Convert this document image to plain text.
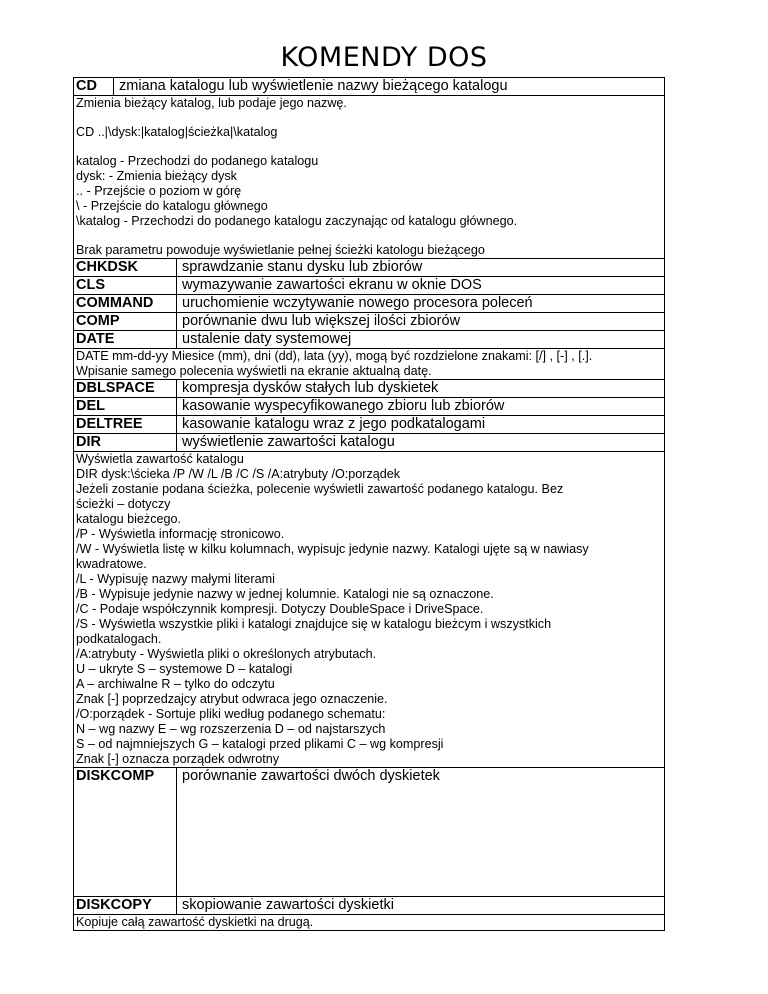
KOMENDY DOS
CD	zmiana katalogu lub wyświetlenie nazwy bieżącego katalogu
Zmienia bieżący katalog, lub podaje jego nazwę.
CD ..|\dysk:|katalog|ścieżka|\katalog
katalog - Przechodzi do podanego katalogu
dysk: - Zmienia bieżący dysk
.. - Przejście o poziom w górę
\ - Przejście do katalogu głównego
\katalog - Przechodzi do podanego katalogu zaczynając od katalogu głównego.
Brak parametru powoduje wyświetlanie pełnej ścieżki katologu bieżącego
CHKDSK	sprawdzanie stanu dysku lub zbiorów
CLS	wymazywanie zawartości ekranu w oknie DOS
COMMAND	uruchomienie wczytywanie nowego procesora poleceń
COMP	porównanie dwu lub większej ilości zbiorów
DATE	ustalenie daty systemowej
DATE mm-dd-yy Miesice (mm), dni (dd), lata (yy), mogą być rozdzielone znakami: [/] , [-] , [.].
Wpisanie samego polecenia wyświetli na ekranie aktualną datę.
DBLSPACE	kompresja dysków stałych lub dyskietek
DEL	kasowanie wyspecyfikowanego zbioru lub zbiorów
DELTREE	kasowanie katalogu wraz z jego podkatalogami
DIR	wyświetlenie zawartości katalogu
Wyświetla zawartość katalogu
DIR dysk:\ścieka /P /W /L /B /C /S /A:atrybuty /O:porządek
Jeżeli zostanie podana ścieżka, polecenie wyświetli zawartość podanego katalogu. Bez
ścieżki – dotyczy
katalogu bieżcego.
/P - Wyświetla informację stronicowo.
/W - Wyświetla listę w kilku kolumnach, wypisujc jedynie nazwy. Katalogi ujęte są w nawiasy
kwadratowe.
/L - Wypisuję nazwy małymi literami
/B - Wypisuje jedynie nazwy w jednej kolumnie. Katalogi nie są oznaczone.
/C - Podaje współczynnik kompresji. Dotyczy DoubleSpace i DriveSpace.
/S - Wyświetla wszystkie pliki i katalogi znajdujce się w katalogu bieżcym i wszystkich
podkatalogach.
/A:atrybuty - Wyświetla pliki o określonych atrybutach.
U – ukryte S – systemowe D – katalogi
A – archiwalne R – tylko do odczytu
Znak [-] poprzedzajcy atrybut odwraca jego oznaczenie.
/O:porządek - Sortuje pliki według podanego schematu:
N – wg nazwy E – wg rozszerzenia D – od najstarszych
S – od najmniejszych G – katalogi przed plikami C – wg kompresji
Znak [-] oznacza porządek odwrotny
DISKCOMP	porównanie zawartości dwóch dyskietek
DISKCOPY	skopiowanie zawartości dyskietki
Kopiuje całą zawartość dyskietki na drugą.
